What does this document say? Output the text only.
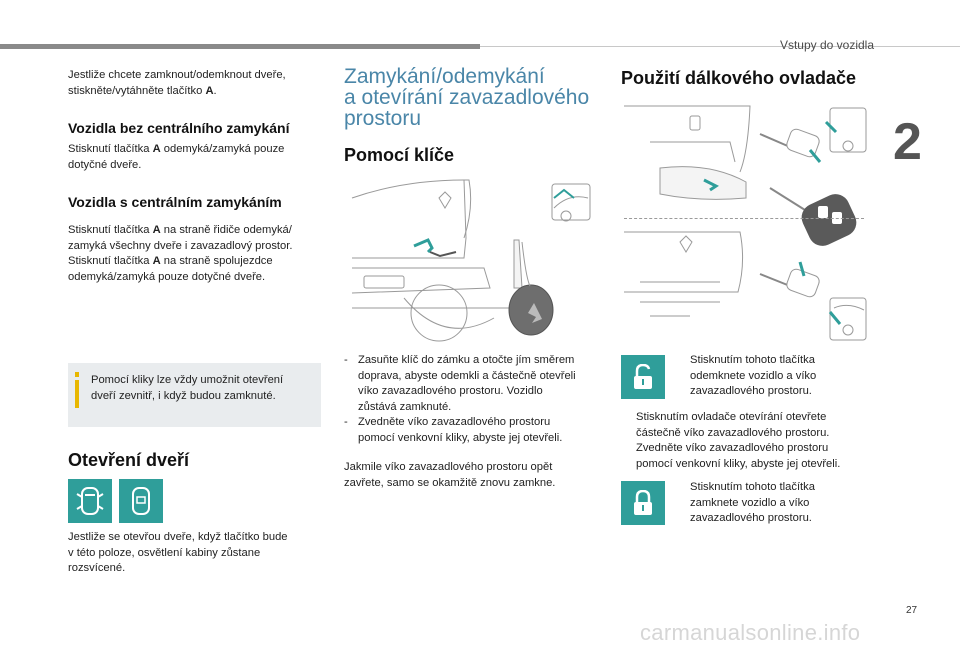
Vstupy do vozidla
2
Jestliže chcete zamknout/odemknout dveře,
stiskněte/vytáhněte tlačítko A.
Vozidla bez centrálního zamykání
Stisknutí tlačítka A odemyká/zamyká pouze
dotyčné dveře.
Vozidla s centrálním zamykáním
Stisknutí tlačítka A na straně řidiče odemyká/
zamyká všechny dveře i zavazadlový prostor.
Stisknutí tlačítka A na straně spolujezdce
odemyká/zamyká pouze dotyčné dveře.
Pomocí kliky lze vždy umožnit otevření
dveří zevnitř, i když budou zamknuté.
Otevření dveří
Jestliže se otevřou dveře, když tlačítko bude
v této poloze, osvětlení kabiny zůstane
rozsvícené.
Zamykání/odemykání
a otevírání zavazadlového
prostoru
Pomocí klíče
- Zasuňte klíč do zámku a otočte jím směrem
doprava, abyste odemkli a částečně otevřeli
víko zavazadlového prostoru. Vozidlo
zůstává zamknuté.
- Zvedněte víko zavazadlového prostoru
pomocí venkovní kliky, abyste jej otevřeli.
Jakmile víko zavazadlového prostoru opět
zavřete, samo se okamžitě znovu zamkne.
Použití dálkového ovladače
Stisknutím tohoto tlačítka
odemknete vozidlo a víko
zavazadlového prostoru.
Stisknutím ovladače otevírání otevřete
částečně víko zavazadlového prostoru.
Zvedněte víko zavazadlového prostoru
pomocí venkovní kliky, abyste jej otevřeli.
Stisknutím tohoto tlačítka
zamknete vozidlo a víko
zavazadlového prostoru.
27
carmanualsonline.info
